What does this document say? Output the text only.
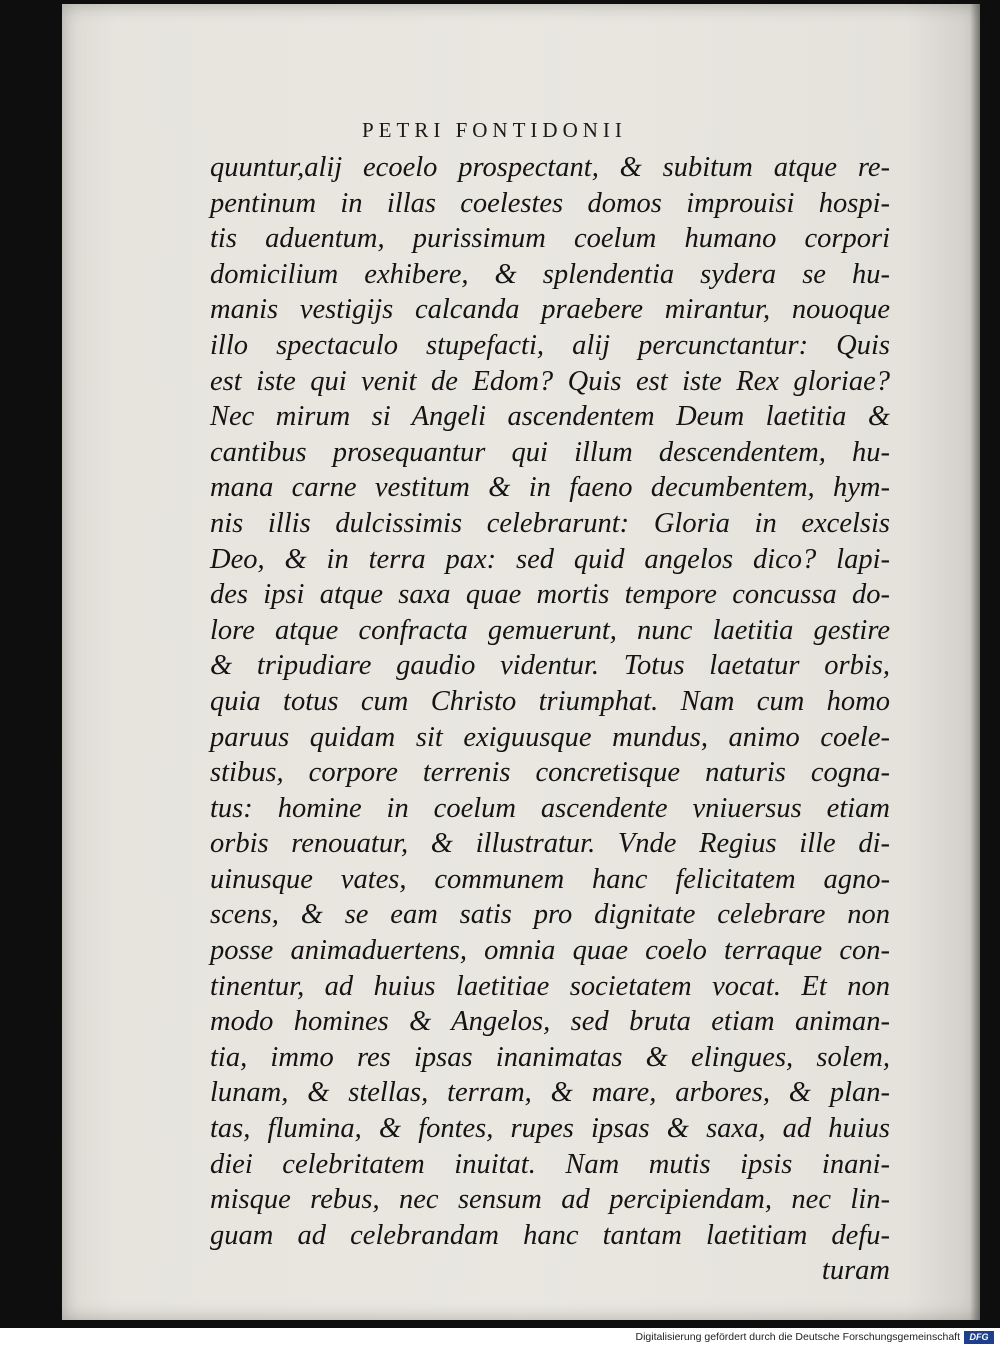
PETRI FONTIDONII
quuntur,alij ecoelo prospectant, & subitum atque re-
pentinum in illas coelestes domos improuisi hospi-
tis aduentum, purissimum coelum humano corpori
domicilium exhibere, & splendentia sydera se hu-
manis vestigijs calcanda praebere mirantur, nouoque
illo spectaculo stupefacti, alij percunctantur: Quis
est iste qui venit de Edom? Quis est iste Rex gloriae?
Nec mirum si Angeli ascendentem Deum laetitia &
cantibus prosequantur qui illum descendentem, hu-
mana carne vestitum & in faeno decumbentem, hym-
nis illis dulcissimis celebrarunt: Gloria in excelsis
Deo, & in terra pax: sed quid angelos dico? lapi-
des ipsi atque saxa quae mortis tempore concussa do-
lore atque confracta gemuerunt, nunc laetitia gestire
& tripudiare gaudio videntur. Totus laetatur orbis,
quia totus cum Christo triumphat. Nam cum homo
paruus quidam sit exiguusque mundus, animo coele-
stibus, corpore terrenis concretisque naturis cogna-
tus: homine in coelum ascendente vniuersus etiam
orbis renouatur, & illustratur. Vnde Regius ille di-
uinusque vates, communem hanc felicitatem agno-
scens, & se eam satis pro dignitate celebrare non
posse animaduertens, omnia quae coelo terraque con-
tinentur, ad huius laetitiae societatem vocat. Et non
modo homines & Angelos, sed bruta etiam animan-
tia, immo res ipsas inanimatas & elingues, solem,
lunam, & stellas, terram, & mare, arbores, & plan-
tas, flumina, & fontes, rupes ipsas & saxa, ad huius
diei celebritatem inuitat. Nam mutis ipsis inani-
misque rebus, nec sensum ad percipiendam, nec lin-
guam ad celebrandam hanc tantam laetitiam defu-
turam
Digitalisierung gefördert durch die Deutsche Forschungsgemeinschaft	DFG
